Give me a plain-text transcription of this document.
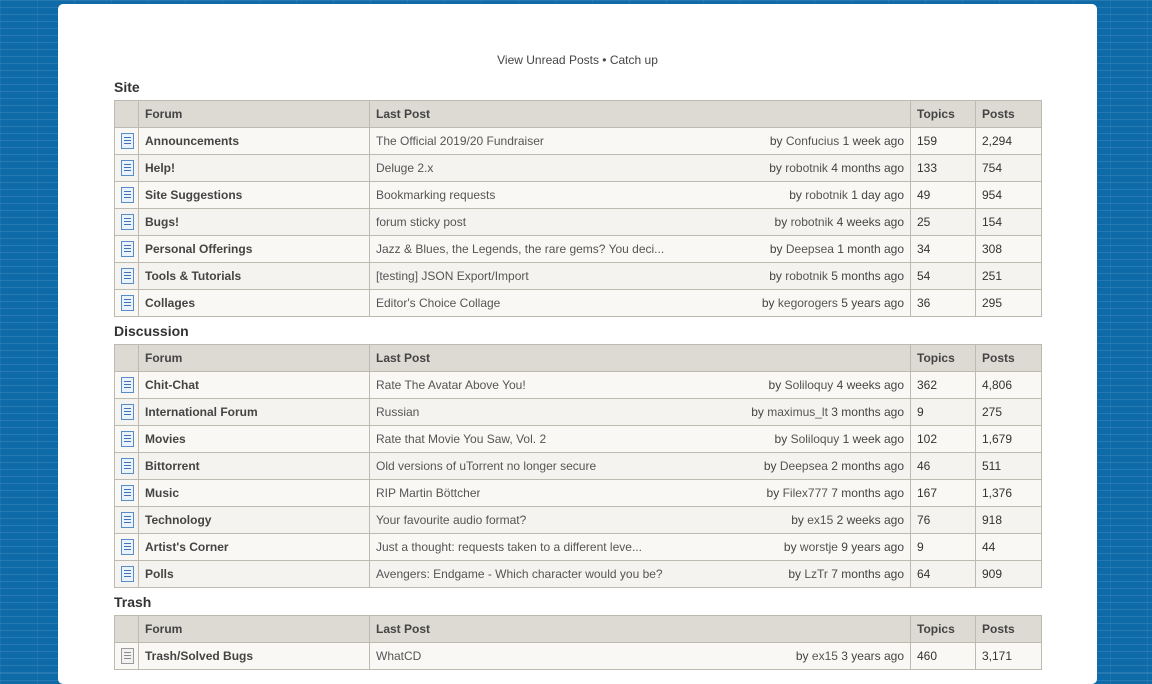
View Unread Posts • Catch up
Site
	Forum	Last Post	Topics	Posts

	Announcements	The Official 2019/20 Fundraiser by Confucius 1 week ago	159	2,294

	Help!	Deluge 2.x by robotnik 4 months ago	133	754

	Site Suggestions	Bookmarking requests by robotnik 1 day ago	49	954

	Bugs!	forum sticky post by robotnik 4 weeks ago	25	154

	Personal Offerings	Jazz & Blues, the Legends, the rare gems? You deci... by Deepsea 1 month ago	34	308

	Tools & Tutorials	[testing] JSON Export/Import by robotnik 5 months ago	54	251

	Collages	Editor's Choice Collage by kegorogers 5 years ago	36	295
Discussion
	Forum	Last Post	Topics	Posts

	Chit-Chat	Rate The Avatar Above You! by Soliloquy 4 weeks ago	362	4,806

	International Forum	Russian by maximus_lt 3 months ago	9	275

	Movies	Rate that Movie You Saw, Vol. 2 by Soliloquy 1 week ago	102	1,679

	Bittorrent	Old versions of uTorrent no longer secure by Deepsea 2 months ago	46	511

	Music	RIP Martin Böttcher by Filex777 7 months ago	167	1,376

	Technology	Your favourite audio format? by ex15 2 weeks ago	76	918

	Artist's Corner	Just a thought: requests taken to a different leve... by worstje 9 years ago	9	44

	Polls	Avengers: Endgame - Which character would you be? by LzTr 7 months ago	64	909
Trash
	Forum	Last Post	Topics	Posts

	Trash/Solved Bugs	WhatCD by ex15 3 years ago	460	3,171
